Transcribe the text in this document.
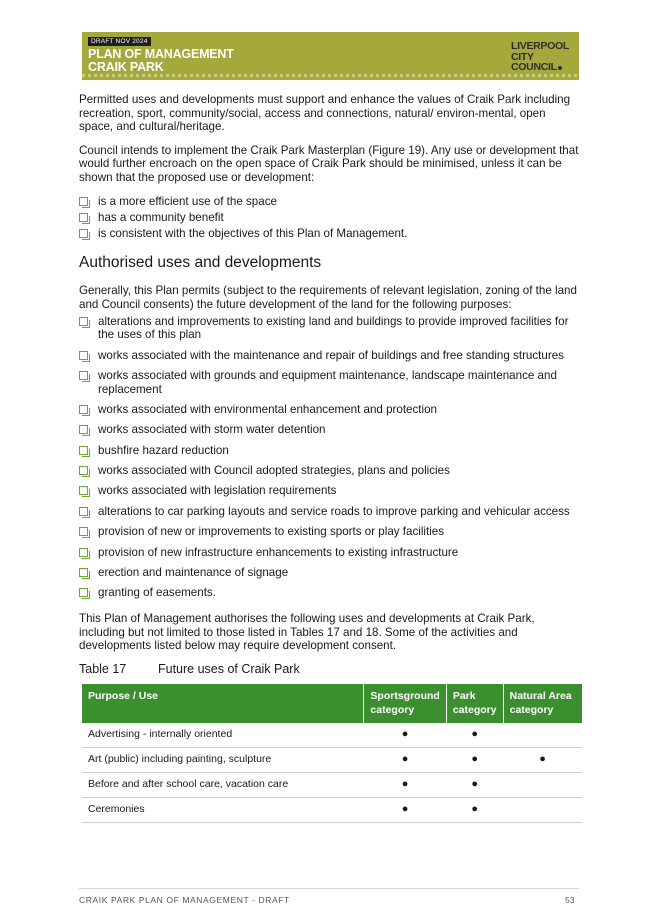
DRAFT NOV 2024
PLAN OF MANAGEMENT
CRAIK PARK
LIVERPOOL
CITY
COUNCIL

Permitted uses and developments must support and enhance the values of Craik Park including recreation, sport, community/social, access and connections, natural/ environ-mental, open space, and cultural/heritage.

Council intends to implement the Craik Park Masterplan (Figure 19). Any use or development that would further encroach on the open space of Craik Park should be minimised, unless it can be shown that the proposed use or development:

is a more efficient use of the space
has a community benefit
is consistent with the objectives of this Plan of Management.
Authorised uses and developments

Generally, this Plan permits (subject to the requirements of relevant legislation, zoning of the land and Council consents) the future development of the land for the following purposes:

alterations and improvements to existing land and buildings to provide improved facilities for the uses of this plan
works associated with the maintenance and repair of buildings and free standing structures
works associated with grounds and equipment maintenance, landscape maintenance and replacement
works associated with environmental enhancement and protection
works associated with storm water detention
bushfire hazard reduction
works associated with Council adopted strategies, plans and policies
works associated with legislation requirements
alterations to car parking layouts and service roads to improve parking and vehicular access
provision of new or improvements to existing sports or play facilities
provision of new infrastructure enhancements to existing infrastructure
erection and maintenance of signage
granting of easements.

This Plan of Management authorises the following uses and developments at Craik Park, including but not limited to those listed in Tables 17 and 18. Some of the activities and developments listed below may require development consent.

Table 17	Future uses of Craik Park
Purpose / Use	Sportsground category	Park category	Natural Area category
Advertising - internally oriented	●	●	
Art (public) including painting, sculpture	●	●	●
Before and after school care, vacation care	●	●	
Ceremonies	●	●	
CRAIK PARK PLAN OF MANAGEMENT - DRAFT	53
